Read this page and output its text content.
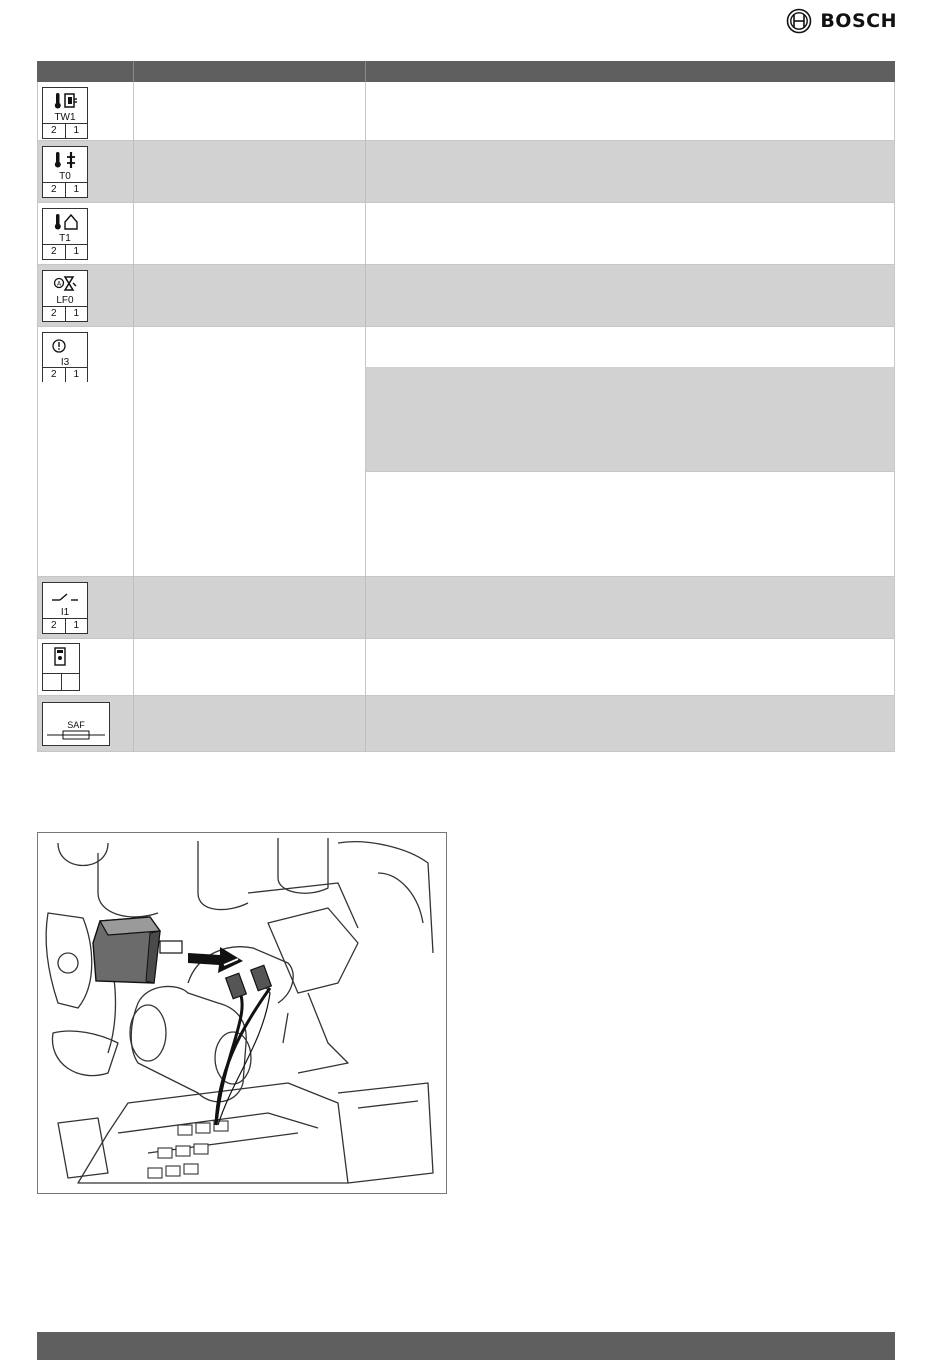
BOSCH
TW1
2	1
T0
2	1
T1
2	1
A
LF0
2	1
I3
2	1
I1
2	1
SAF
